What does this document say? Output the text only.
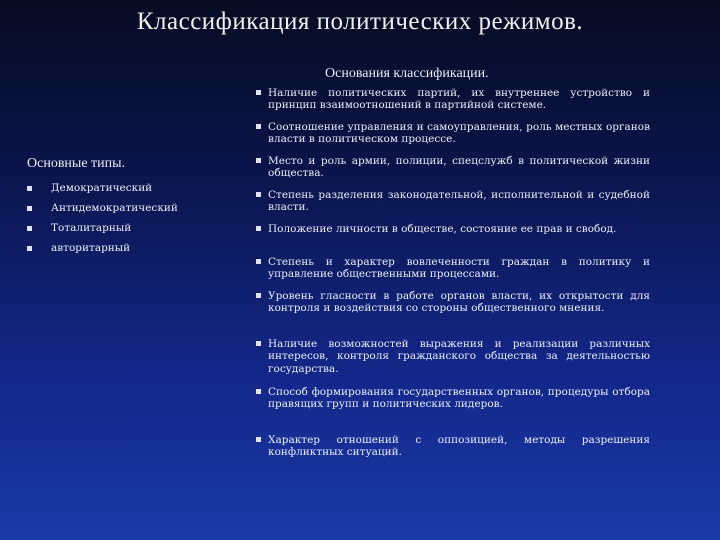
Классификация политических режимов.
Основные типы.
Демократический
Антидемократический
Тоталитарный
авторитарный
Основания классификации.
Наличие политических партий, их внутреннее устройство и принцип взаимоотношений в партийной системе.
Соотношение управления и самоуправления, роль местных органов власти в политическом процессе.
Место и роль армии, полиции, спецслужб в политической жизни общества.
Степень разделения законодательной, исполнительной и судебной власти.
Положение личности в обществе, состояние ее прав и свобод.
Степень и характер вовлеченности граждан в политику и управление общественными процессами.
Уровень гласности в работе органов власти, их открытости для контроля и воздействия со стороны общественного мнения.
Наличие возможностей выражения и реализации различных интересов, контроля гражданского общества за деятельностью государства.
Способ формирования государственных органов, процедуры отбора правящих групп и политических лидеров.
Характер отношений с оппозицией, методы разрешения конфликтных ситуаций.
